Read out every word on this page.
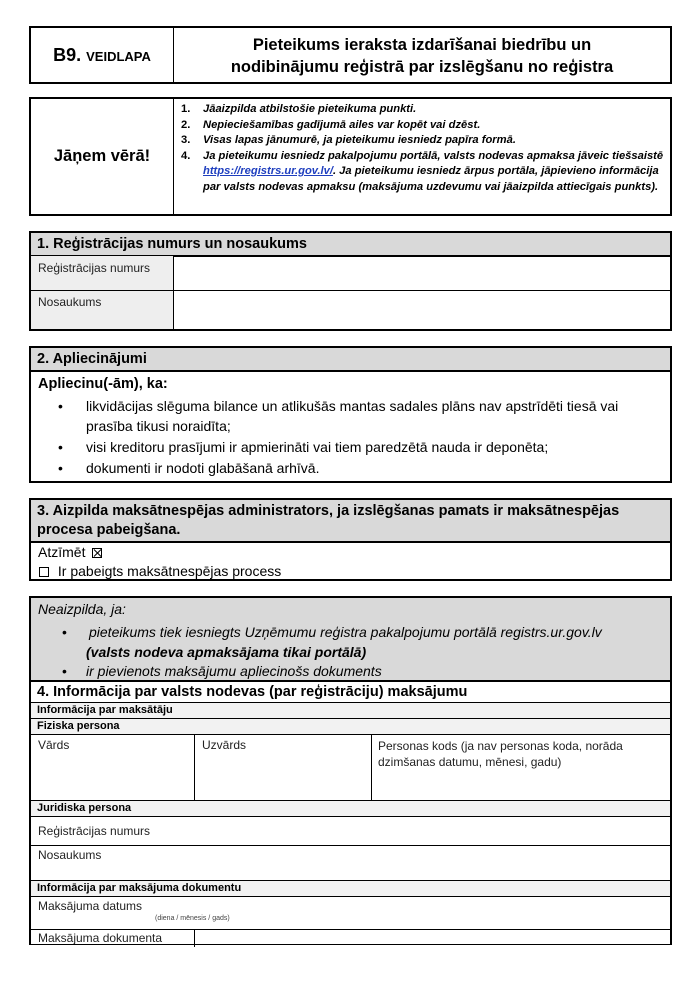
B9. VEIDLAPA
Pieteikums ieraksta izdarīšanai biedrību un
nodibinājumu reģistrā par izslēgšanu no reģistra
Jāņem vērā!
1. Jāaizpilda atbilstošie pieteikuma punkti.
2. Nepieciešamības gadījumā ailes var kopēt vai dzēst.
3. Visas lapas jānumurē, ja pieteikumu iesniedz papīra formā.
4. Ja pieteikumu iesniedz pakalpojumu portālā, valsts nodevas apmaksa jāveic tiešsaistē https://registrs.ur.gov.lv/. Ja pieteikumu iesniedz ārpus portāla, jāpievieno informācija par valsts nodevas apmaksu (maksājuma uzdevumu vai jāaizpilda attiecīgais punkts).
1. Reģistrācijas numurs un nosaukums
Reģistrācijas numurs
Nosaukums
2. Apliecinājumi
Apliecinu(-ām), ka:
• likvidācijas slēguma bilance un atlikušās mantas sadales plāns nav apstrīdēti tiesā vai prasība tikusi noraidīta;
• visi kreditoru prasījumi ir apmierināti vai tiem paredzētā nauda ir deponēta;
• dokumenti ir nodoti glabāšanā arhīvā.
3. Aizpilda maksātnespējas administrators, ja izslēgšanas pamats ir maksātnespējas procesa pabeigšana.
Atzīmēt
Ir pabeigts maksātnespējas process
Neaizpilda, ja:
•	pieteikums tiek iesniegts Uzņēmumu reģistra pakalpojumu portālā registrs.ur.gov.lv
(valsts nodeva apmaksājama tikai portālā)
• ir pievienots maksājumu apliecinošs dokuments
4. Informācija par valsts nodevas (par reģistrāciju) maksājumu
Informācija par maksātāju
Fiziska persona
Vārds	Uzvārds	Personas kods (ja nav personas koda, norāda dzimšanas datumu, mēnesi, gadu)
Juridiska persona
Reģistrācijas numurs
Nosaukums
Informācija par maksājuma dokumentu
Maksājuma datums
(diena / mēnesis / gads)
Maksājuma dokumenta
